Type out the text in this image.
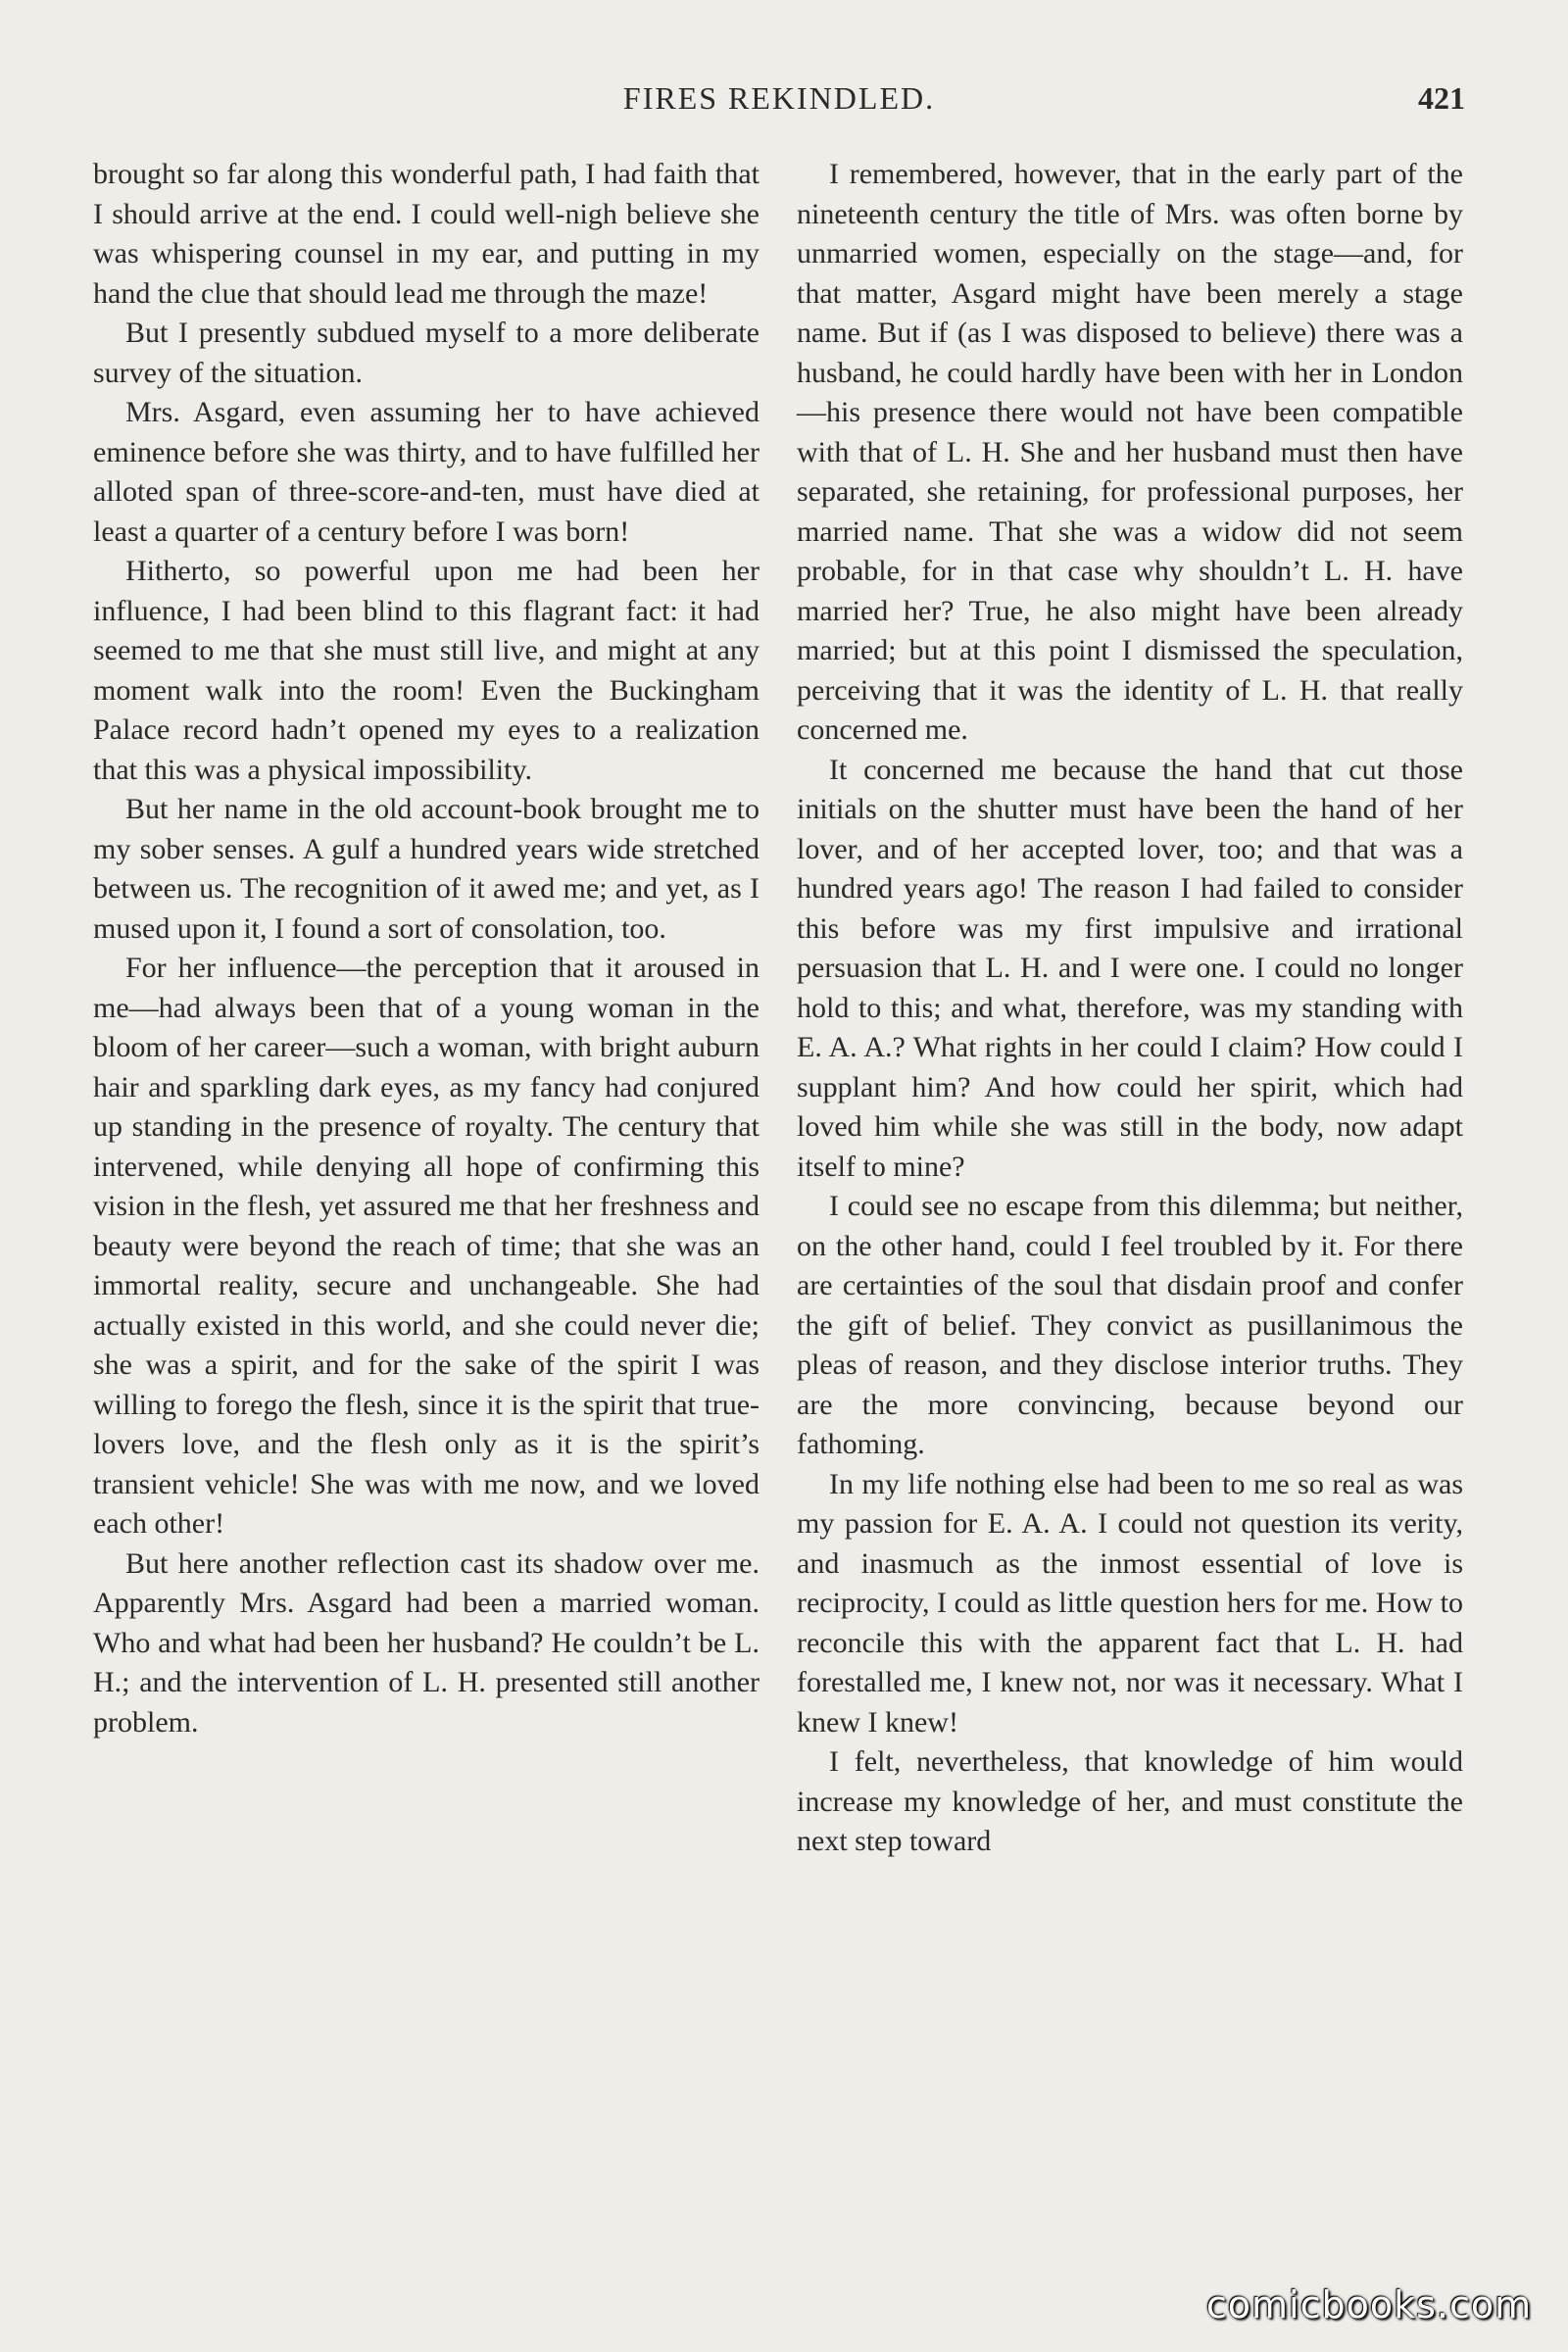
FIRES REKINDLED.	421

brought so far along this wonderful path, I had faith that I should arrive at the end. I could well-nigh believe she was whispering counsel in my ear, and putting in my hand the clue that should lead me through the maze!

But I presently subdued myself to a more deliberate survey of the situation.

Mrs. Asgard, even assuming her to have achieved eminence before she was thirty, and to have fulfilled her alloted span of three-score-and-ten, must have died at least a quarter of a century before I was born!

Hitherto, so powerful upon me had been her influence, I had been blind to this flagrant fact: it had seemed to me that she must still live, and might at any moment walk into the room! Even the Buckingham Palace record hadn’t opened my eyes to a realization that this was a physical impossibility.

But her name in the old account-book brought me to my sober senses. A gulf a hundred years wide stretched between us. The recognition of it awed me; and yet, as I mused upon it, I found a sort of consolation, too.

For her influence—the perception that it aroused in me—had always been that of a young woman in the bloom of her career—such a woman, with bright auburn hair and sparkling dark eyes, as my fancy had conjured up standing in the presence of royalty. The century that intervened, while denying all hope of confirming this vision in the flesh, yet assured me that her freshness and beauty were beyond the reach of time; that she was an immortal reality, secure and unchangeable. She had actually existed in this world, and she could never die; she was a spirit, and for the sake of the spirit I was willing to forego the flesh, since it is the spirit that true-lovers love, and the flesh only as it is the spirit’s transient vehicle! She was with me now, and we loved each other!

But here another reflection cast its shadow over me. Apparently Mrs. Asgard had been a married woman. Who and what had been her husband? He couldn’t be L. H.; and the intervention of L. H. presented still another problem.

I remembered, however, that in the early part of the nineteenth century the title of Mrs. was often borne by unmarried women, especially on the stage—and, for that matter, Asgard might have been merely a stage name. But if (as I was disposed to believe) there was a husband, he could hardly have been with her in London—his presence there would not have been compatible with that of L. H. She and her husband must then have separated, she retaining, for professional purposes, her married name. That she was a widow did not seem probable, for in that case why shouldn’t L. H. have married her? True, he also might have been already married; but at this point I dismissed the speculation, perceiving that it was the identity of L. H. that really concerned me.

It concerned me because the hand that cut those initials on the shutter must have been the hand of her lover, and of her accepted lover, too; and that was a hundred years ago! The reason I had failed to consider this before was my first impulsive and irrational persuasion that L. H. and I were one. I could no longer hold to this; and what, therefore, was my standing with E. A. A.? What rights in her could I claim? How could I supplant him? And how could her spirit, which had loved him while she was still in the body, now adapt itself to mine?

I could see no escape from this dilemma; but neither, on the other hand, could I feel troubled by it. For there are certainties of the soul that disdain proof and confer the gift of belief. They convict as pusillanimous the pleas of reason, and they disclose interior truths. They are the more convincing, because beyond our fathoming.

In my life nothing else had been to me so real as was my passion for E. A. A. I could not question its verity, and inasmuch as the inmost essential of love is reciprocity, I could as little question hers for me. How to reconcile this with the apparent fact that L. H. had forestalled me, I knew not, nor was it necessary. What I knew I knew!

I felt, nevertheless, that knowledge of him would increase my knowledge of her, and must constitute the next step toward

comicbooks.com
